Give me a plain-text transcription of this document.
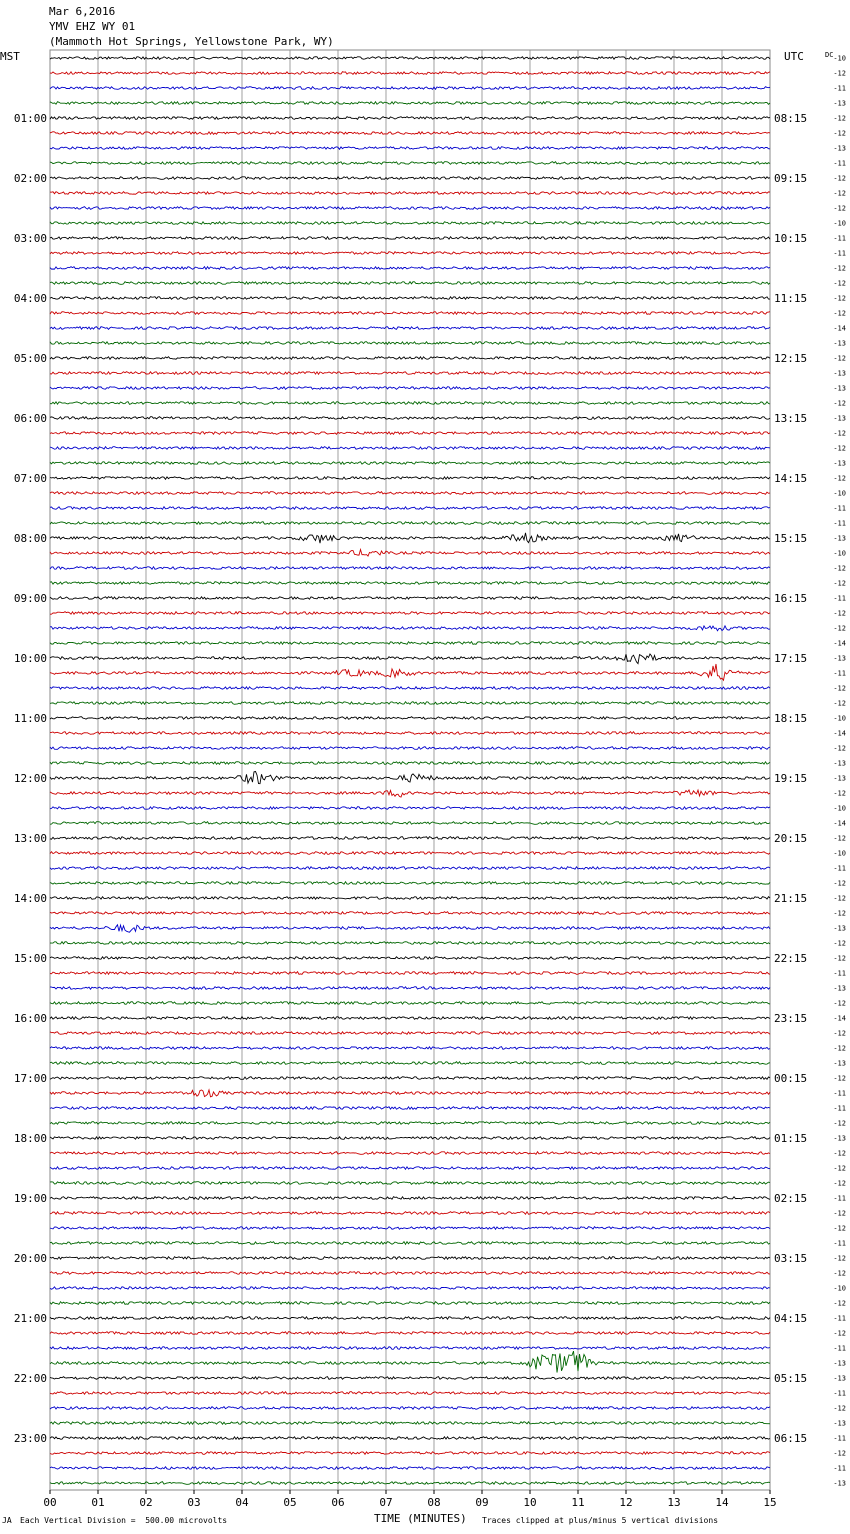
Mar 6,2016
YMV EHZ WY 01
(Mammoth Hot Springs, Yellowstone Park, WY)
MST	UTC	DC -10
-12
-11
-13
-12
-12
-13
-11
-12
-12
-12
-10
-11
-11
-12
-12
-12
-12
-14
-13
-12
-13
-13
-12
-13
-12
-12
-13
-12
-10
-11
-11
-13
-10
-12
-12
-11
-12
-12
-14
-13
-11
-12
-12
-10
-14
-12
-13
-13
-12
-10
-14
-12
-10
-11
-12
-12
-12
-13
-12
-12
-11
-13
-12
-14
-12
-12
-13
-12
-11
-11
-12
-13
-12
-12
-12
-11
-12
-12
-11
-12
-12
-10
-12
-11
-12
-11
-13
-13
-11
-12
-13
-11
-12
-11
-13
01:00	08:15
02:00	09:15
03:00	10:15
04:00	11:15
05:00	12:15
06:00	13:15
07:00	14:15
08:00	15:15
09:00	16:15
10:00	17:15
11:00	18:15
12:00	19:15
13:00	20:15
14:00	21:15
15:00	22:15
16:00	23:15
17:00	00:15
18:00	01:15
19:00	02:15
20:00	03:15
21:00	04:15
22:00	05:15
23:00	06:15
00	01	02	03	04	05	06	07	08	09	10	11	12	13	14	15
JA Each Vertical Division =  500.00 microvolts	TIME (MINUTES) Traces clipped at plus/minus 5 vertical divisions
